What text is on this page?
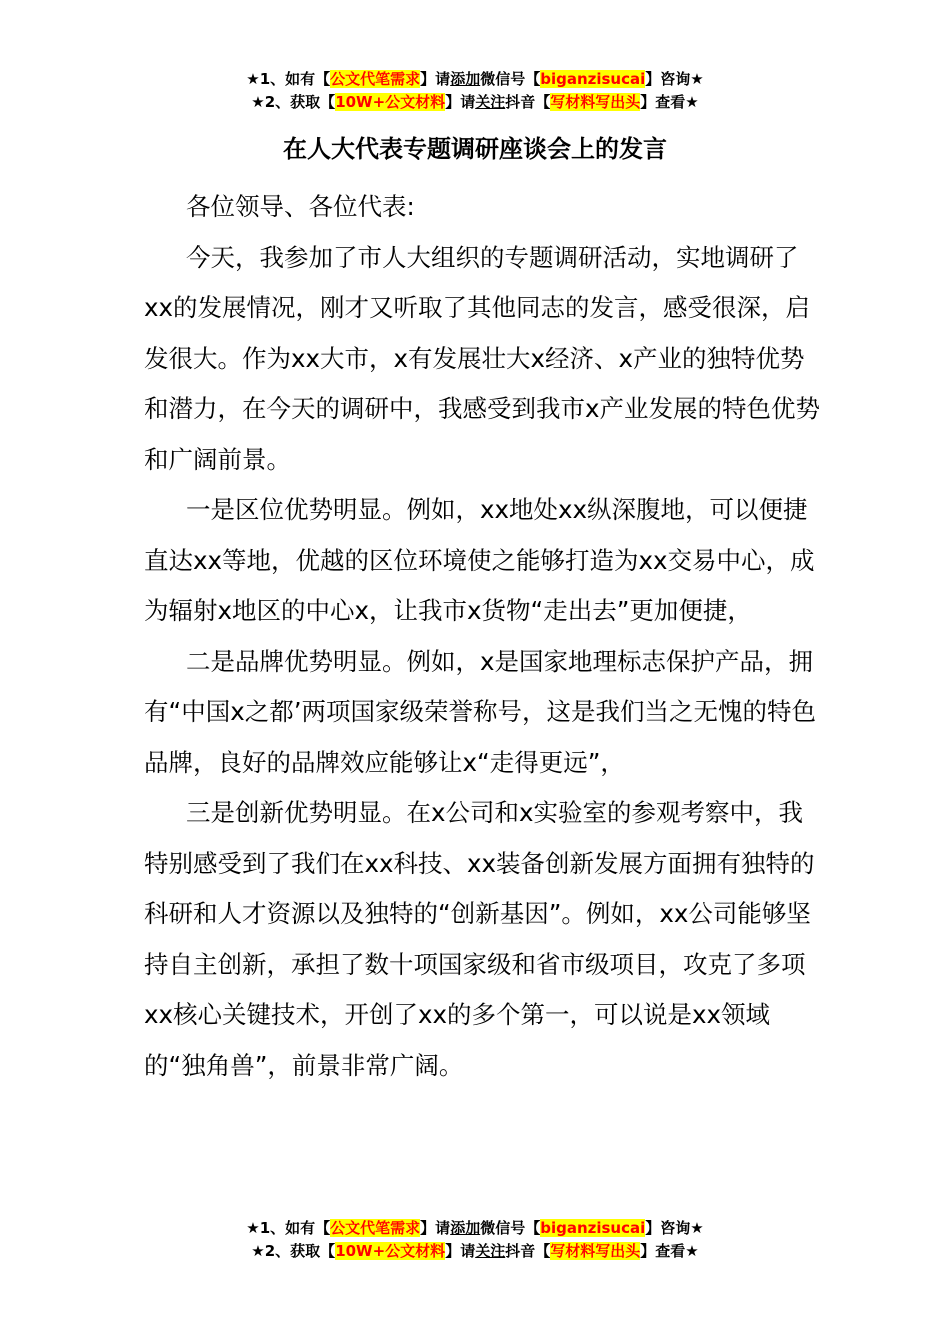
★1、如有【公文代笔需求】请添加微信号【biganzisucai】咨询★
★2、获取【10W+公文材料】请关注抖音【写材料写出头】查看★
在人大代表专题调研座谈会上的发言

各位领导、各位代表:

今天，我参加了市人大组织的专题调研活动，实地调研了xx的发展情况，刚才又听取了其他同志的发言，感受很深，启发很大。作为xx大市，x有发展壮大x经济、x产业的独特优势和潜力，在今天的调研中，我感受到我市x产业发展的特色优势和广阔前景。

一是区位优势明显。例如，xx地处xx纵深腹地，可以便捷直达xx等地，优越的区位环境使之能够打造为xx交易中心，成为辐射x地区的中心x，让我市x货物“走出去”更加便捷，

二是品牌优势明显。例如，x是国家地理标志保护产品，拥有“中国x之都’两项国家级荣誉称号，这是我们当之无愧的特色品牌，良好的品牌效应能够让x“走得更远”，

三是创新优势明显。在x公司和x实验室的参观考察中，我特别感受到了我们在xx科技、xx装备创新发展方面拥有独特的科研和人才资源以及独特的“创新基因”。例如，xx公司能够坚持自主创新，承担了数十项国家级和省市级项目，攻克了多项xx核心关键技术，开创了xx的多个第一，可以说是xx领域的“独角兽”，前景非常广阔。

★1、如有【公文代笔需求】请添加微信号【biganzisucai】咨询★
★2、获取【10W+公文材料】请关注抖音【写材料写出头】查看★
